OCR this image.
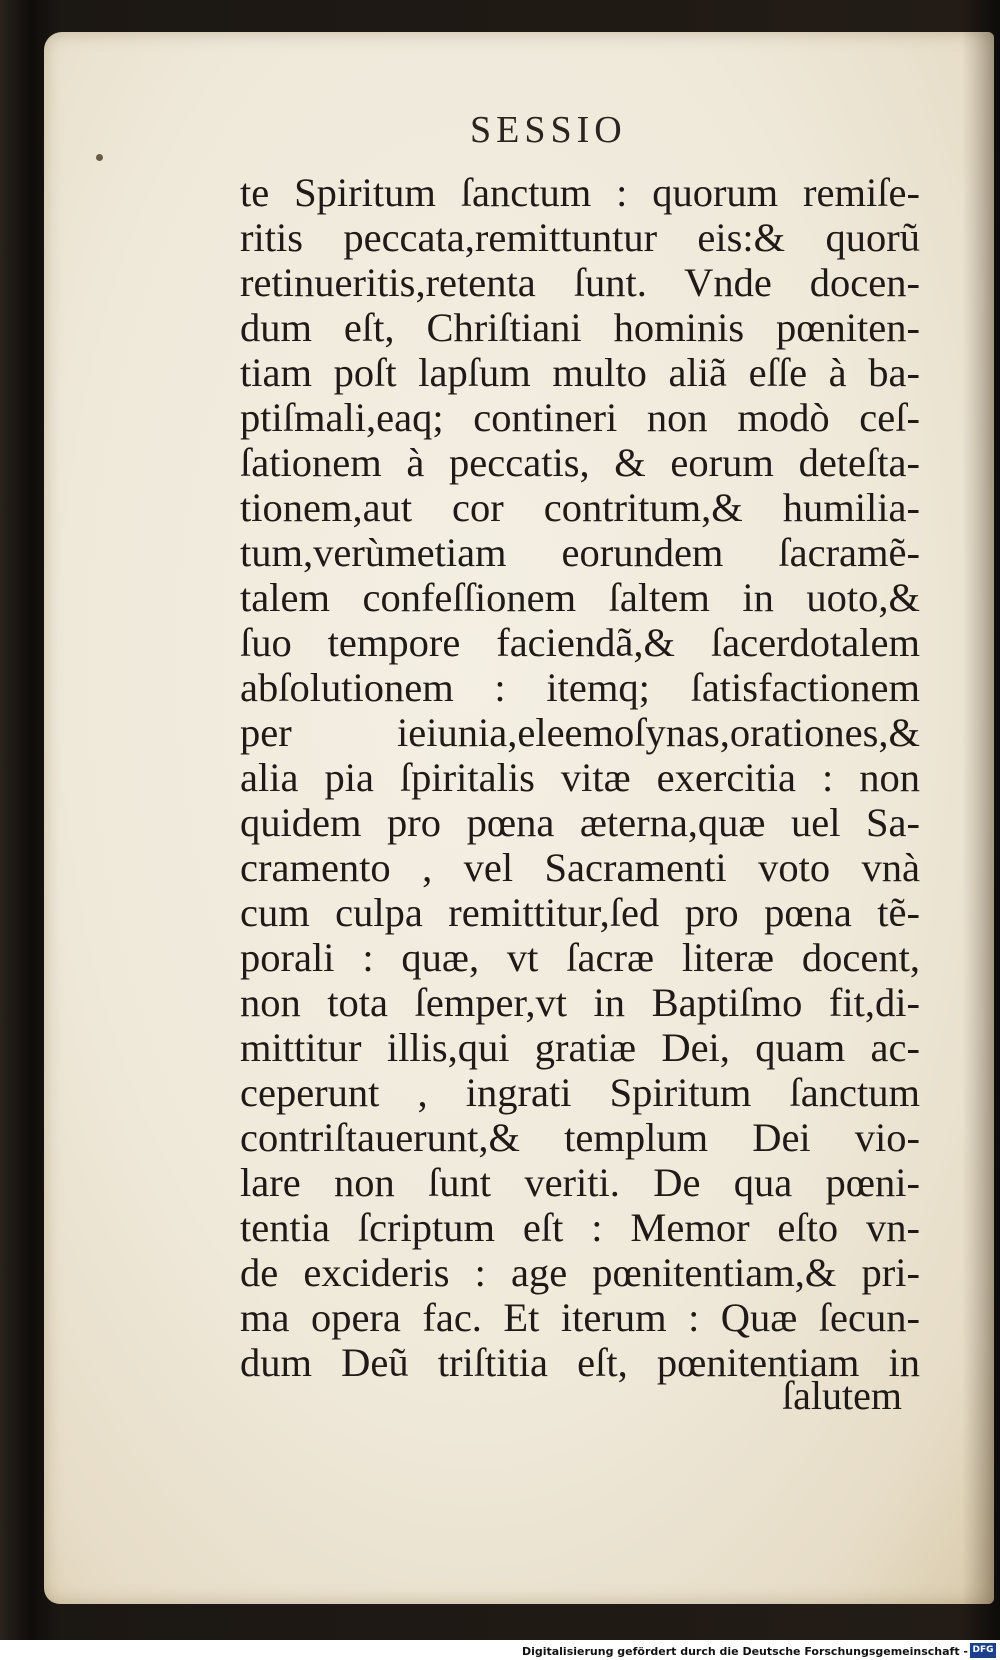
SESSIO
te Spiritum ſanctum : quorum remiſe-
ritis peccata,remittuntur eis:& quorũ
retinueritis,retenta ſunt. Vnde docen-
dum eſt, Chriſtiani hominis pœniten-
tiam poſt lapſum multo aliã eſſe à ba-
ptiſmali,eaq; contineri non modò ceſ-
ſationem à peccatis, & eorum deteſta-
tionem,aut cor contritum,& humilia-
tum,verùmetiam eorundem ſacramẽ-
talem confeſſionem ſaltem in uoto,&
ſuo tempore faciendã,& ſacerdotalem
abſolutionem : itemq; ſatisfactionem
per ieiunia,eleemoſynas,orationes,&
alia pia ſpiritalis vitæ exercitia : non
quidem pro pœna æterna,quæ uel Sa-
cramento , vel Sacramenti voto vnà
cum culpa remittitur,ſed pro pœna tẽ-
porali : quæ, vt ſacræ literæ docent,
non tota ſemper,vt in Baptiſmo fit,di-
mittitur illis,qui gratiæ Dei, quam ac-
ceperunt , ingrati Spiritum ſanctum
contriſtauerunt,& templum Dei vio-
lare non ſunt veriti. De qua pœni-
tentia ſcriptum eſt : Memor eſto vn-
de excideris : age pœnitentiam,& pri-
ma opera fac. Et iterum : Quæ ſecun-
dum Deũ triſtitia eſt, pœnitentiam in
ſalutem
Digitalisierung gefördert durch die Deutsche Forschungsgemeinschaft - DFG
